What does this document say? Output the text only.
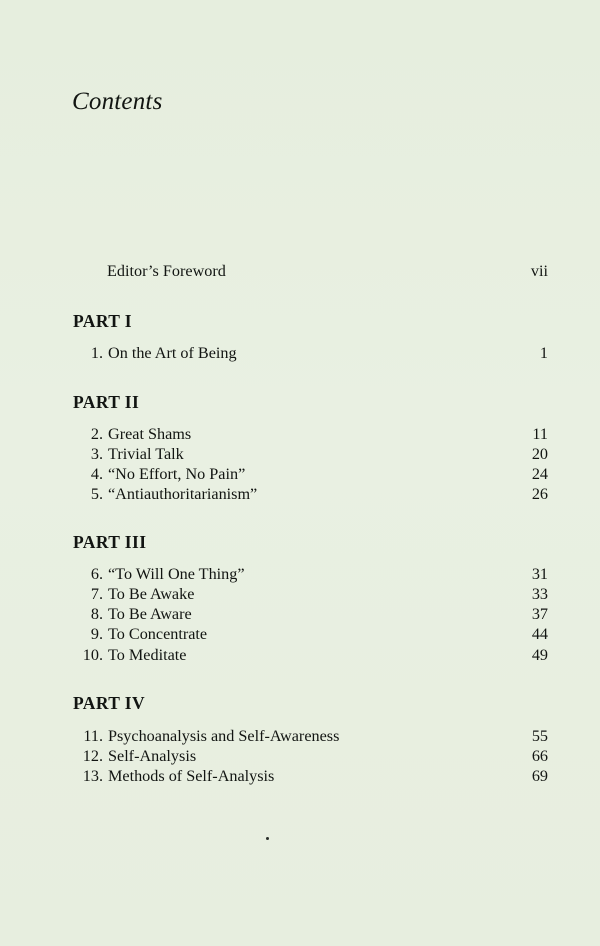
Contents
Editor’s Foreword	vii
PART I
1. On the Art of Being	1
PART II
2. Great Shams	11
3. Trivial Talk	20
4. “No Effort, No Pain”	24
5. “Antiauthoritarianism”	26
PART III
6. “To Will One Thing”	31
7. To Be Awake	33
8. To Be Aware	37
9. To Concentrate	44
10. To Meditate	49
PART IV
11. Psychoanalysis and Self-Awareness	55
12. Self-Analysis	66
13. Methods of Self-Analysis	69
